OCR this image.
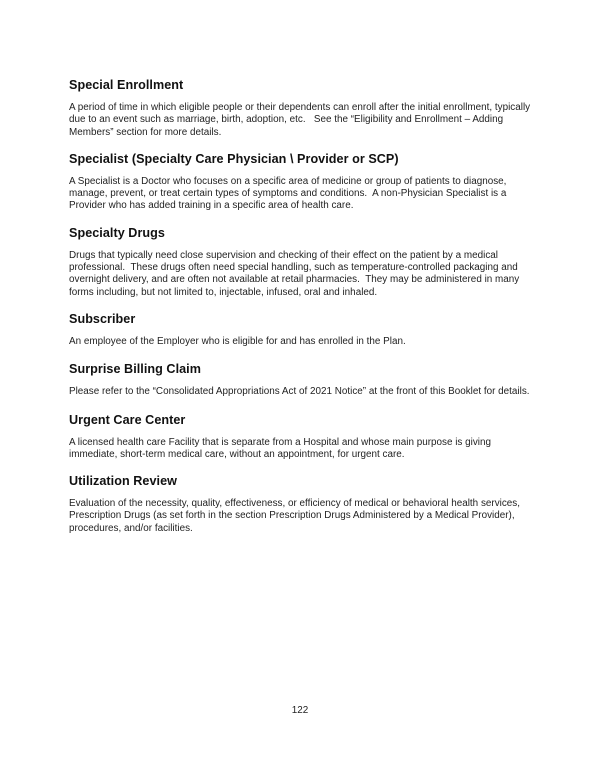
Special Enrollment

A period of time in which eligible people or their dependents can enroll after the initial enrollment, typically due to an event such as marriage, birth, adoption, etc.   See the “Eligibility and Enrollment – Adding Members” section for more details.

Specialist (Specialty Care Physician \ Provider or SCP)

A Specialist is a Doctor who focuses on a specific area of medicine or group of patients to diagnose, manage, prevent, or treat certain types of symptoms and conditions.  A non-Physician Specialist is a Provider who has added training in a specific area of health care.

Specialty Drugs

Drugs that typically need close supervision and checking of their effect on the patient by a medical professional.  These drugs often need special handling, such as temperature-controlled packaging and overnight delivery, and are often not available at retail pharmacies.  They may be administered in many forms including, but not limited to, injectable, infused, oral and inhaled.

Subscriber

An employee of the Employer who is eligible for and has enrolled in the Plan.

Surprise Billing Claim

Please refer to the “Consolidated Appropriations Act of 2021 Notice” at the front of this Booklet for details.

Urgent Care Center

A licensed health care Facility that is separate from a Hospital and whose main purpose is giving immediate, short-term medical care, without an appointment, for urgent care.

Utilization Review

Evaluation of the necessity, quality, effectiveness, or efficiency of medical or behavioral health services, Prescription Drugs (as set forth in the section Prescription Drugs Administered by a Medical Provider), procedures, and/or facilities.

122
